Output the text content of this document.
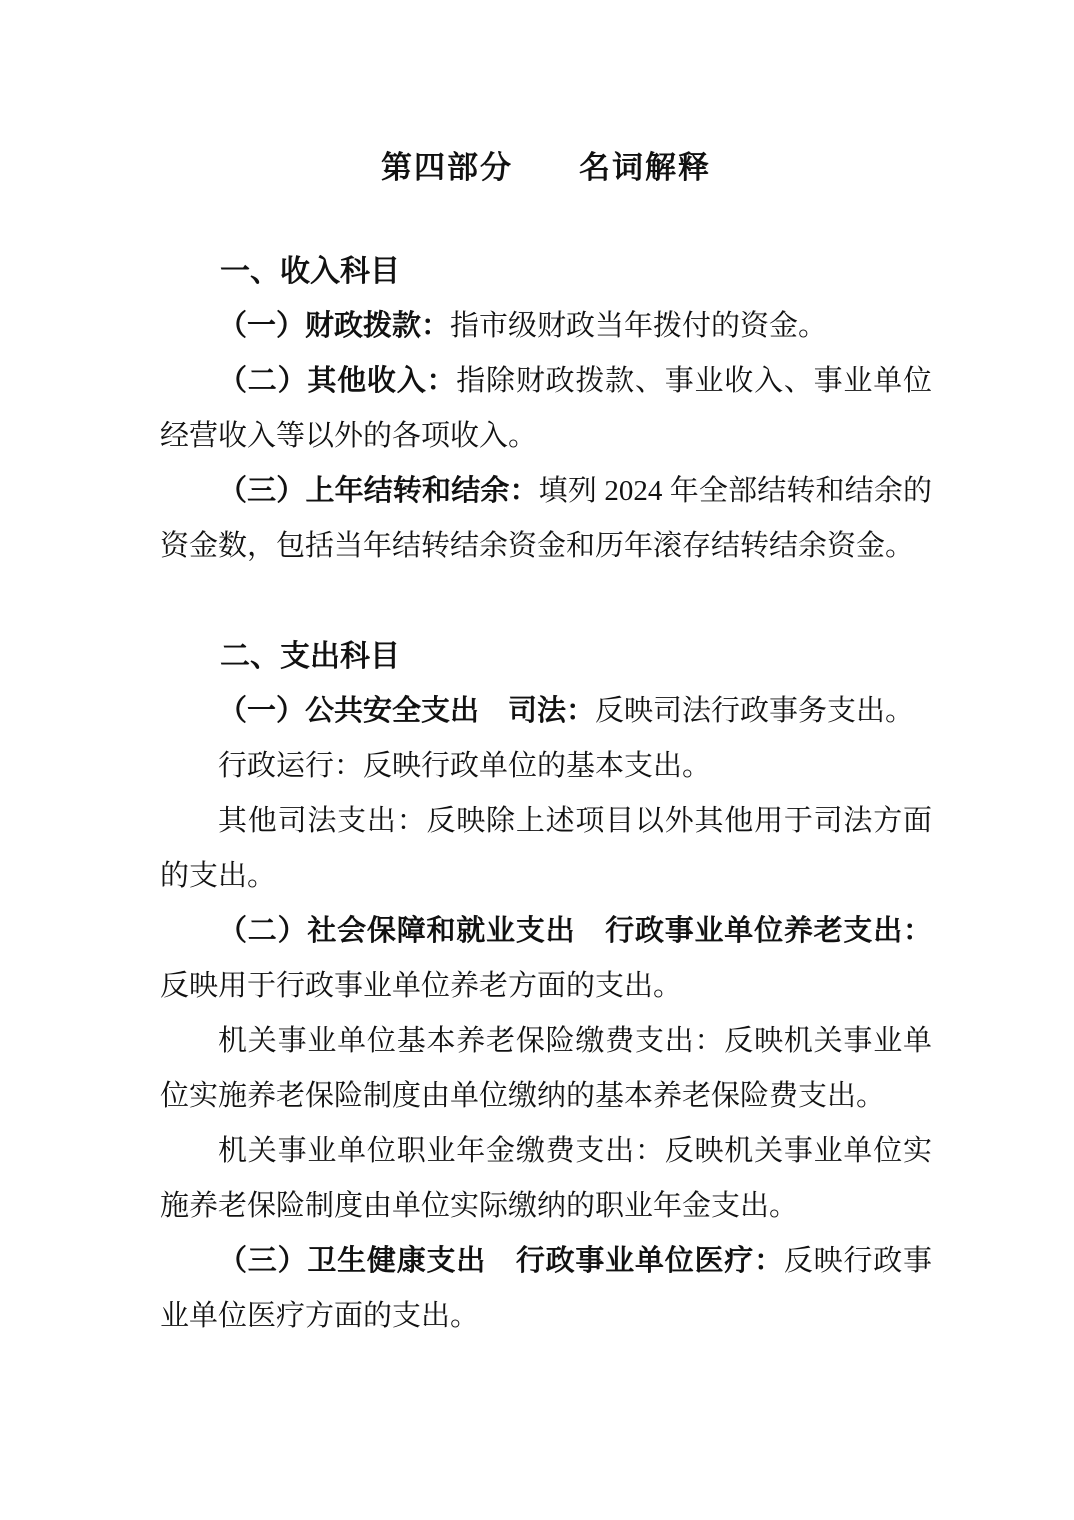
第四部分　　名词解释
一、收入科目

（一）财政拨款：指市级财政当年拨付的资金。

（二）其他收入：指除财政拨款、事业收入、事业单位经营收入等以外的各项收入。

（三）上年结转和结余：填列 2024 年全部结转和结余的资金数，包括当年结转结余资金和历年滚存结转结余资金。

二、支出科目

（一）公共安全支出　司法：反映司法行政事务支出。

行政运行：反映行政单位的基本支出。

其他司法支出：反映除上述项目以外其他用于司法方面的支出。

（二）社会保障和就业支出　行政事业单位养老支出：反映用于行政事业单位养老方面的支出。

机关事业单位基本养老保险缴费支出：反映机关事业单位实施养老保险制度由单位缴纳的基本养老保险费支出。

机关事业单位职业年金缴费支出：反映机关事业单位实施养老保险制度由单位实际缴纳的职业年金支出。

（三）卫生健康支出　行政事业单位医疗：反映行政事业单位医疗方面的支出。
